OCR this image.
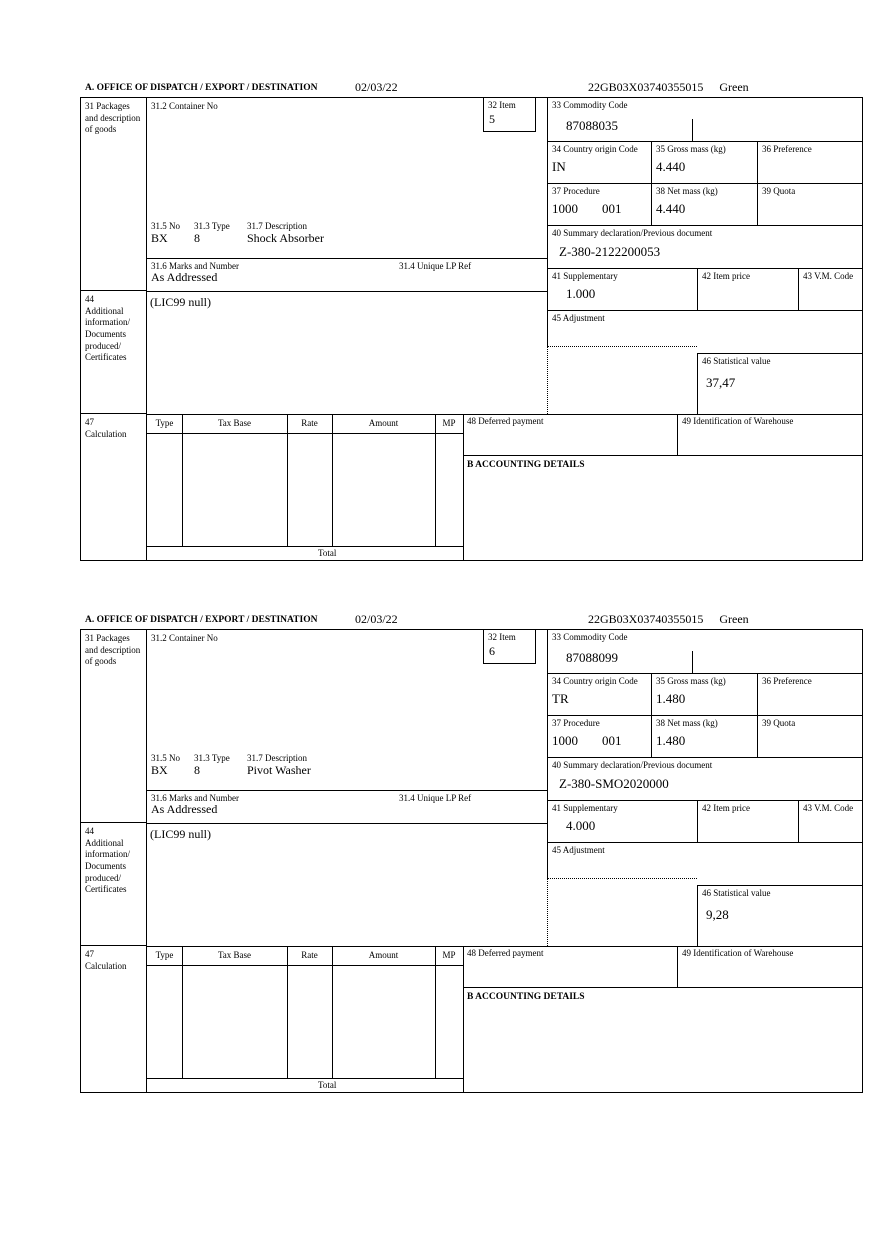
A. OFFICE OF DISPATCH / EXPORT / DESTINATION	02/03/22	22GB03X03740355015 Green
31 Packages and description of goods
44
Additional information/ Documents produced/ Certificates
47
Calculation
31.2 Container No	32 Item
5
31.5 No 31.3 Type 31.7 Description
BX 8	Shock Absorber
31.6 Marks and Number	31.4 Unique LP Ref
As Addressed
(LIC99 null)
33 Commodity Code
87088035
34 Country origin Code
IN
35 Gross mass (kg)
4.440
36 Preference
37 Procedure
1000 001
38 Net mass (kg)
4.440
39 Quota
40 Summary declaration/Previous document
Z-380-2122200053
41 Supplementary
1.000
42 Item price	43 V.M. Code
45 Adjustment
46 Statistical value
37,47
Type	Tax Base	Rate	Amount	MP
Total
48 Deferred payment	49 Identification of Warehouse
B ACCOUNTING DETAILS
A. OFFICE OF DISPATCH / EXPORT / DESTINATION	02/03/22	22GB03X03740355015 Green
31 Packages and description of goods
44
Additional information/ Documents produced/ Certificates
47
Calculation
31.2 Container No	32 Item
6
31.5 No 31.3 Type 31.7 Description
BX 8	Pivot Washer
31.6 Marks and Number	31.4 Unique LP Ref
As Addressed
(LIC99 null)
33 Commodity Code
87088099
34 Country origin Code
TR
35 Gross mass (kg)
1.480
36 Preference
37 Procedure
1000 001
38 Net mass (kg)
1.480
39 Quota
40 Summary declaration/Previous document
Z-380-SMO2020000
41 Supplementary
4.000
42 Item price	43 V.M. Code
45 Adjustment
46 Statistical value
9,28
Type	Tax Base	Rate	Amount	MP
Total
48 Deferred payment	49 Identification of Warehouse
B ACCOUNTING DETAILS
